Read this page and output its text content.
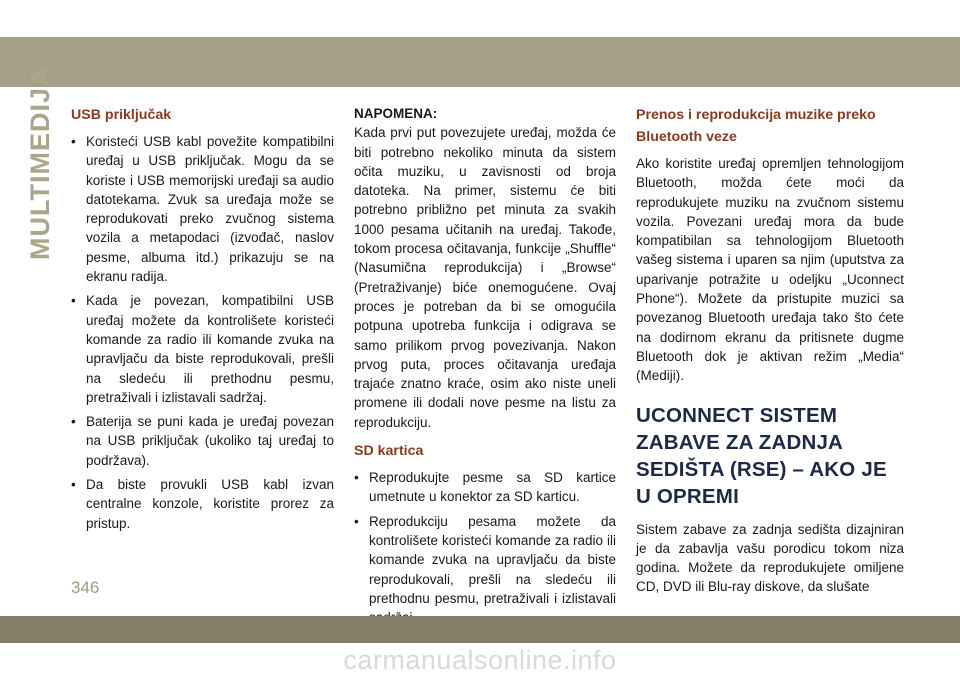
MULTIMEDIJA USB priključak
• Koristeći USB kabl povežite kompatibilni uređaj u USB priključak. Mogu da se koriste i USB memorijski uređaji sa audio datotekama. Zvuk sa uređaja može se reprodukovati preko zvučnog sistema vozila a metapodaci (izvođač, naslov pesme, albuma itd.) prikazuju se na ekranu radija.
• Kada je povezan, kompatibilni USB uređaj možete da kontrolišete koristeći komande za radio ili komande zvuka na upravljaču da biste reprodukovali, prešli na sledeću ili prethodnu pesmu, pretraživali i izlistavali sadržaj.
• Baterija se puni kada je uređaj povezan na USB priključak (ukoliko taj uređaj to podržava).
• Da biste provukli USB kabl izvan centralne konzole, koristite prorez za pristup.
NAPOMENA:

Kada prvi put povezujete uređaj, možda će biti potrebno nekoliko minuta da sistem očita muziku, u zavisnosti od broja datoteka. Na primer, sistemu će biti potrebno približno pet minuta za svakih 1000 pesama učitanih na uređaj. Takođe, tokom procesa očitavanja, funkcije „Shuffle“ (Nasumična reprodukcija) i „Browse“ (Pretraživanje) biće onemogućene. Ovaj proces je potreban da bi se omogućila potpuna upotreba funkcija i odigrava se samo prilikom prvog povezivanja. Nakon prvog puta, proces očitavanja uređaja trajaće znatno kraće, osim ako niste uneli promene ili dodali nove pesme na listu za reprodukciju.

SD kartica
• Reprodukujte pesme sa SD kartice umetnute u konektor za SD karticu.
• Reprodukciju pesama možete da kontrolišete koristeći komande za radio ili komande zvuka na upravljaču da biste reprodukovali, prešli na sledeću ili prethodnu pesmu, pretraživali i izlistavali
Prenos i reprodukcija muzike preko Bluetooth veze

Ako koristite uređaj opremljen tehnologijom Bluetooth, možda ćete moći da reprodukujete muziku na zvučnom sistemu vozila. Povezani uređaj mora da bude kompatibilan sa tehnologijom Bluetooth vašeg sistema i uparen sa njim (uputstva za uparivanje potražite u odeljku „Uconnect Phone“). Možete da pristupite muzici sa povezanog Bluetooth uređaja tako što ćete na dodirnom ekranu da pritisnete dugme Bluetooth dok je aktivan režim „Media“ (Mediji).

UCONNECT SISTEM ZABAVE ZA ZADNJA SEDIŠTA (RSE) – AKO JE U OPREMI

Sistem zabave za zadnja sedišta dizajniran je da zabavlja vašu porodicu tokom niza godina. Možete da reprodukujete omiljene CD, DVD ili Blu-ray diskove, da slušate

346
carmanualsonline.info
